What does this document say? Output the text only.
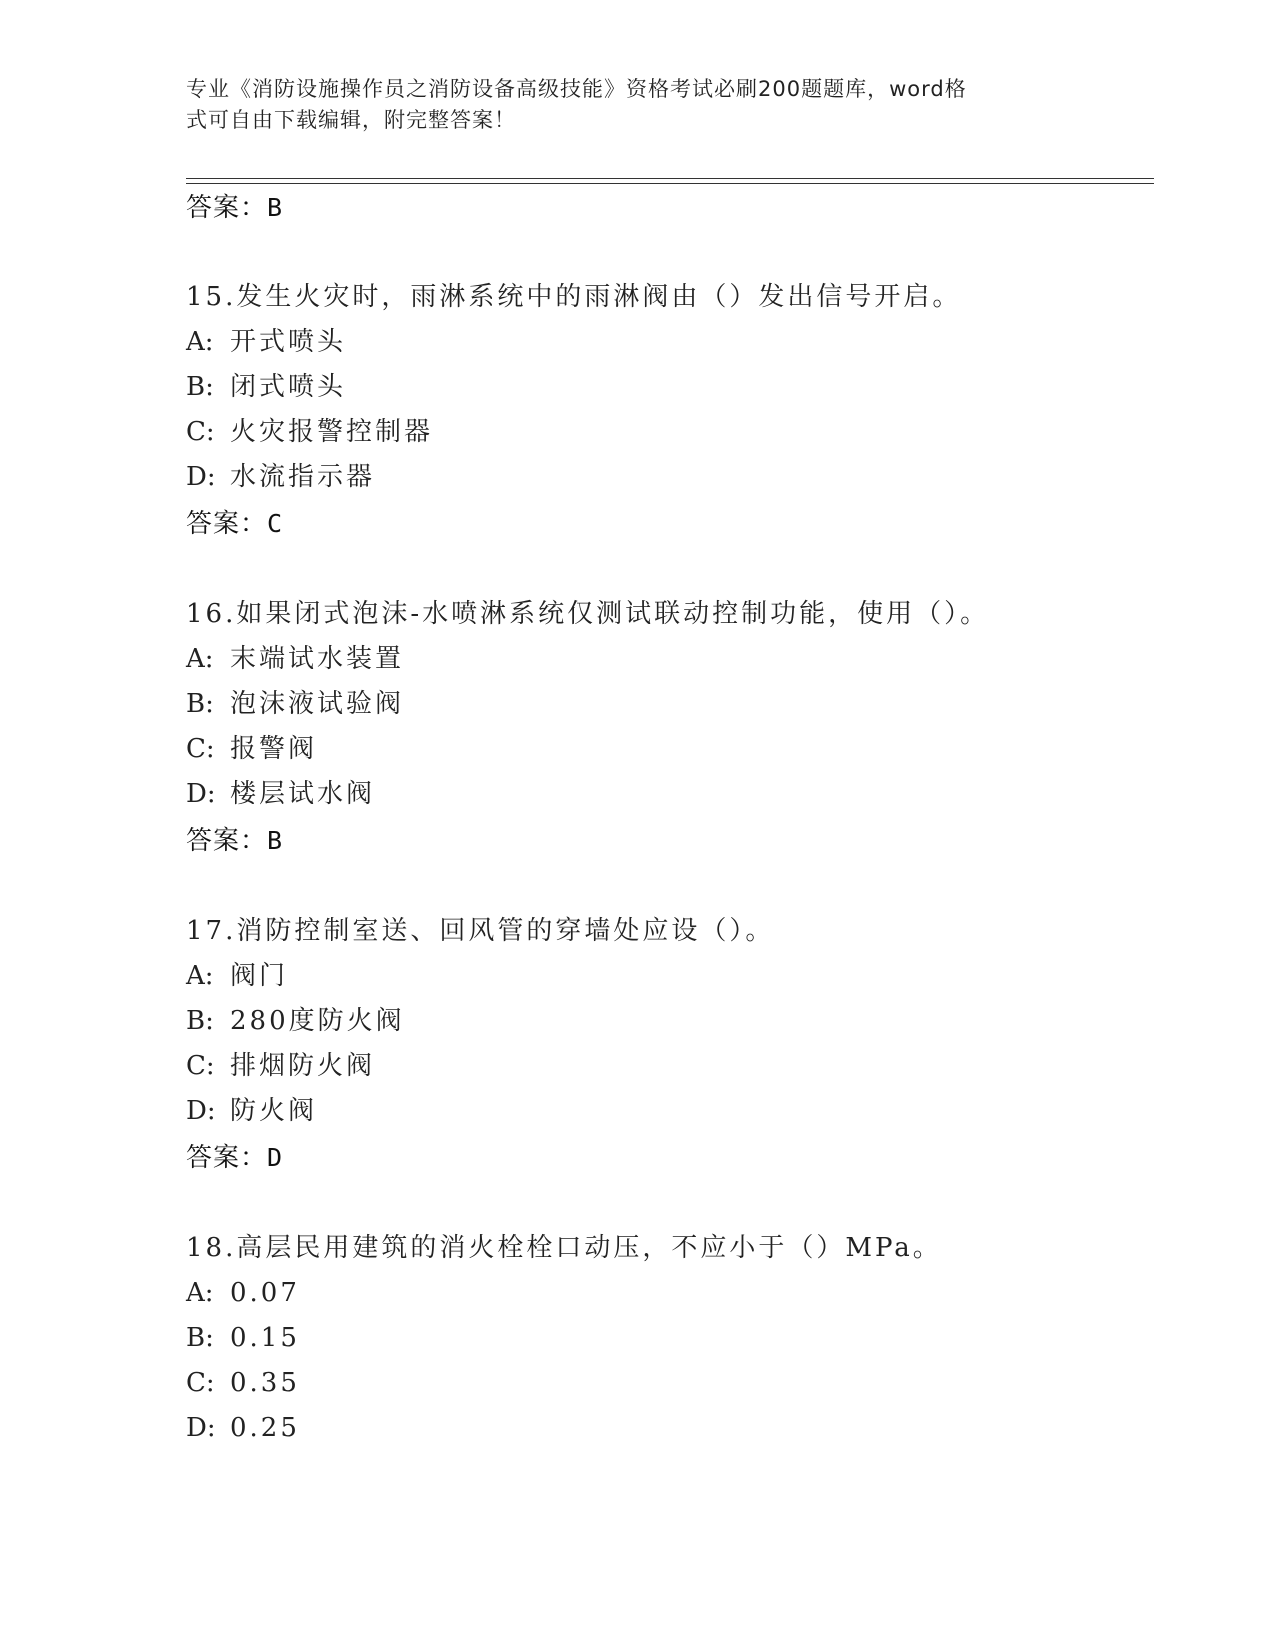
专业《消防设施操作员之消防设备高级技能》资格考试必刷200题题库，word格
式可自由下载编辑，附完整答案！
答案：B
15.发生火灾时，雨淋系统中的雨淋阀由（）发出信号开启。
A: 开式喷头
B: 闭式喷头
C: 火灾报警控制器
D: 水流指示器
答案：C
16.如果闭式泡沫-水喷淋系统仅测试联动控制功能，使用（）。
A: 末端试水装置
B: 泡沫液试验阀
C: 报警阀
D: 楼层试水阀
答案：B
17.消防控制室送、回风管的穿墙处应设（）。
A: 阀门
B: 280度防火阀
C: 排烟防火阀
D: 防火阀
答案：D
18.高层民用建筑的消火栓栓口动压，不应小于（）MPa。
A: 0.07
B: 0.15
C: 0.35
D: 0.25
